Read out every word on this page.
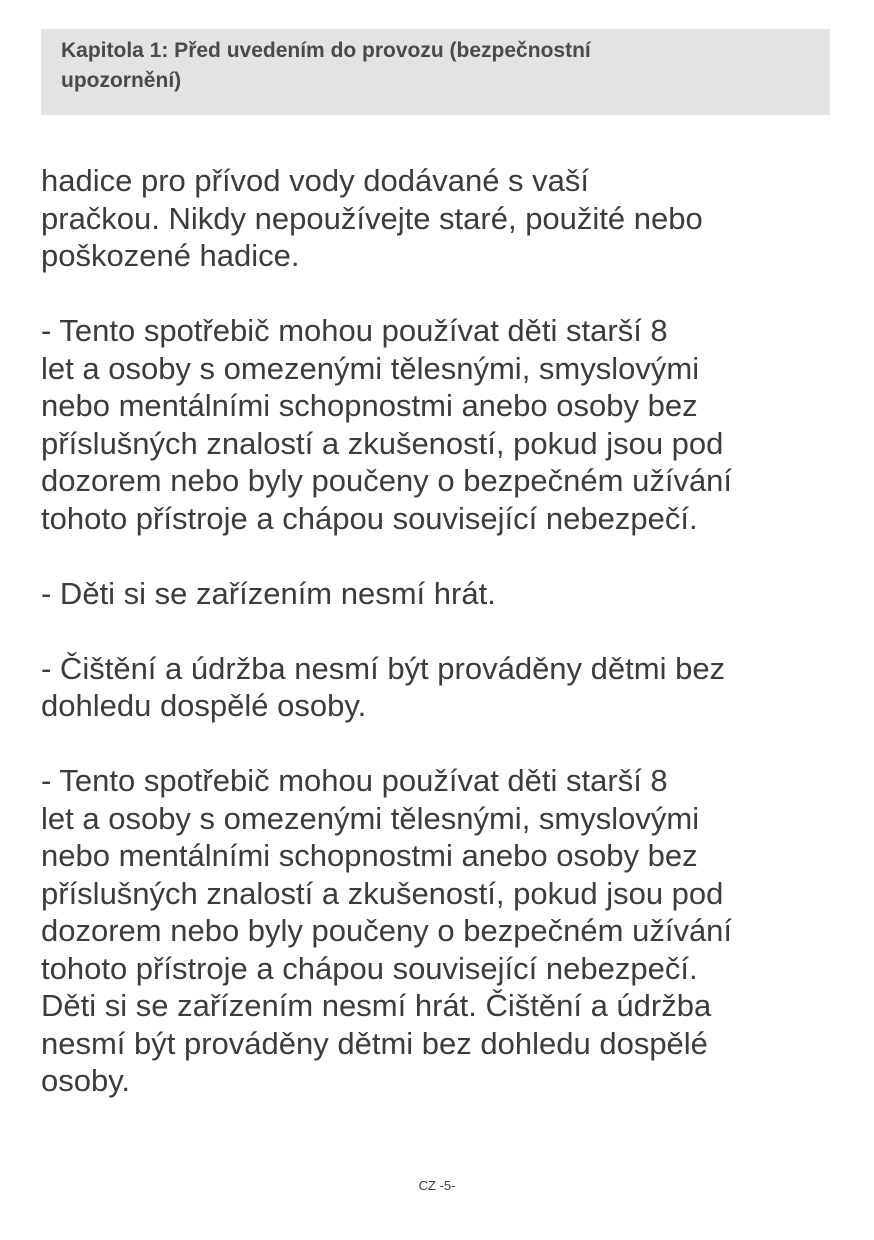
Kapitola 1: Před uvedením do provozu (bezpečnostní
upozornění)

hadice pro přívod vody dodávané s vaší
pračkou. Nikdy nepoužívejte staré, použité nebo
poškozené hadice.

- Tento spotřebič mohou používat děti starší 8
let a osoby s omezenými tělesnými, smyslovými
nebo mentálními schopnostmi anebo osoby bez
příslušných znalostí a zkušeností, pokud jsou pod
dozorem nebo byly poučeny o bezpečném užívání
tohoto přístroje a chápou související nebezpečí.

- Děti si se zařízením nesmí hrát.

- Čištění a údržba nesmí být prováděny dětmi bez
dohledu dospělé osoby.

- Tento spotřebič mohou používat děti starší 8
let a osoby s omezenými tělesnými, smyslovými
nebo mentálními schopnostmi anebo osoby bez
příslušných znalostí a zkušeností, pokud jsou pod
dozorem nebo byly poučeny o bezpečném užívání
tohoto přístroje a chápou související nebezpečí.
Děti si se zařízením nesmí hrát. Čištění a údržba
nesmí být prováděny dětmi bez dohledu dospělé
osoby.

CZ -5-
